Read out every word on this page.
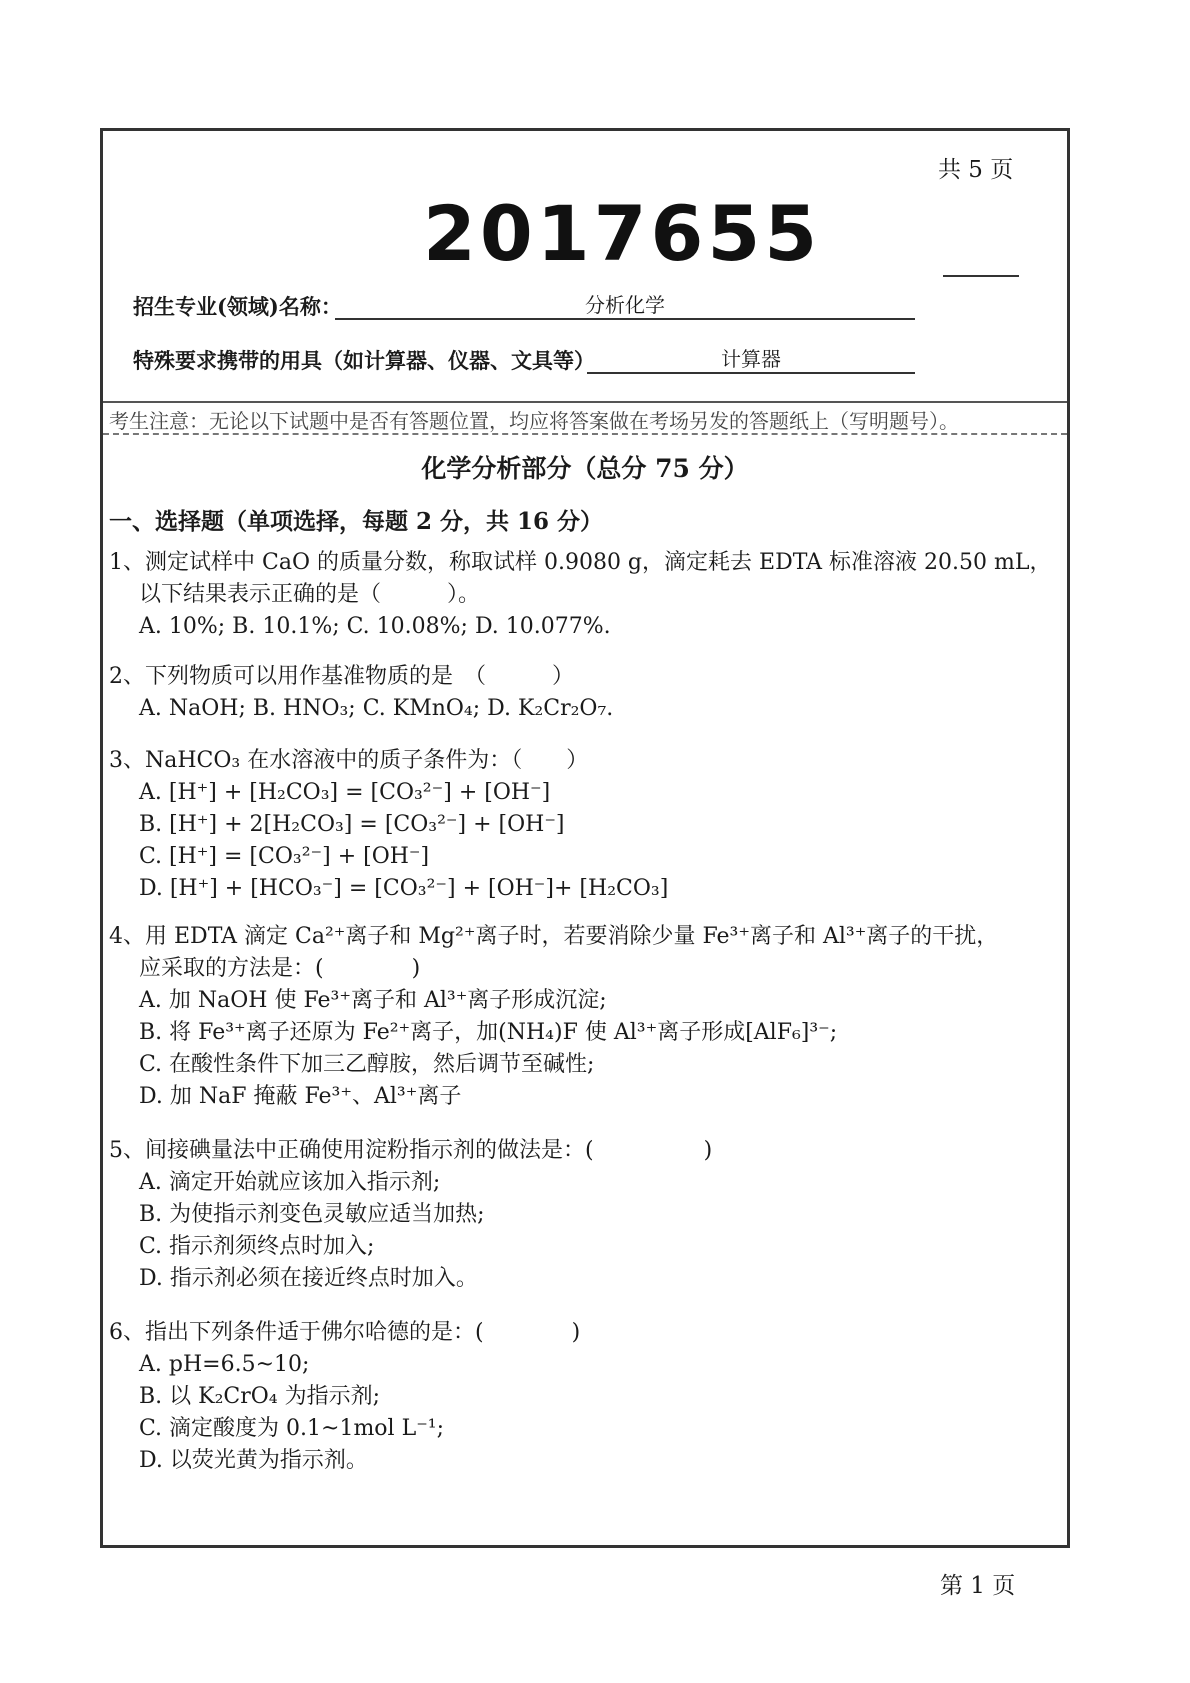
共 5 页
2017655
招生专业(领域)名称：	分析化学
特殊要求携带的用具（如计算器、仪器、文具等）	计算器
考生注意：无论以下试题中是否有答题位置，均应将答案做在考场另发的答题纸上（写明题号）。
化学分析部分（总分 75 分）
一、选择题（单项选择，每题 2 分，共 16 分）
1、测定试样中 CaO 的质量分数，称取试样 0.9080 g，滴定耗去 EDTA 标准溶液 20.50 mL，
以下结果表示正确的是（　　　）。
A. 10%; B. 10.1%; C. 10.08%; D. 10.077%.
2、下列物质可以用作基准物质的是　（　　　）
A. NaOH; B. HNO₃; C. KMnO₄; D. K₂Cr₂O₇.
3、NaHCO₃ 在水溶液中的质子条件为：（　　）
A. [H⁺] + [H₂CO₃] = [CO₃²⁻] + [OH⁻]
B. [H⁺] + 2[H₂CO₃] = [CO₃²⁻] + [OH⁻]
C. [H⁺] = [CO₃²⁻] + [OH⁻]
D. [H⁺] + [HCO₃⁻] = [CO₃²⁻] + [OH⁻]+ [H₂CO₃]
4、用 EDTA 滴定 Ca²⁺离子和 Mg²⁺离子时，若要消除少量 Fe³⁺离子和 Al³⁺离子的干扰，
应采取的方法是：(　　　　)
A. 加 NaOH 使 Fe³⁺离子和 Al³⁺离子形成沉淀;
B. 将 Fe³⁺离子还原为 Fe²⁺离子，加(NH₄)F 使 Al³⁺离子形成[AlF₆]³⁻;
C. 在酸性条件下加三乙醇胺，然后调节至碱性;
D. 加 NaF 掩蔽 Fe³⁺、Al³⁺离子
5、间接碘量法中正确使用淀粉指示剂的做法是：(　　　　　)
A. 滴定开始就应该加入指示剂;
B. 为使指示剂变色灵敏应适当加热;
C. 指示剂须终点时加入;
D. 指示剂必须在接近终点时加入。
6、指出下列条件适于佛尔哈德的是：(　　　　)
A. pH=6.5~10;
B. 以 K₂CrO₄ 为指示剂;
C. 滴定酸度为 0.1~1mol L⁻¹;
D. 以荧光黄为指示剂。
第 1 页
